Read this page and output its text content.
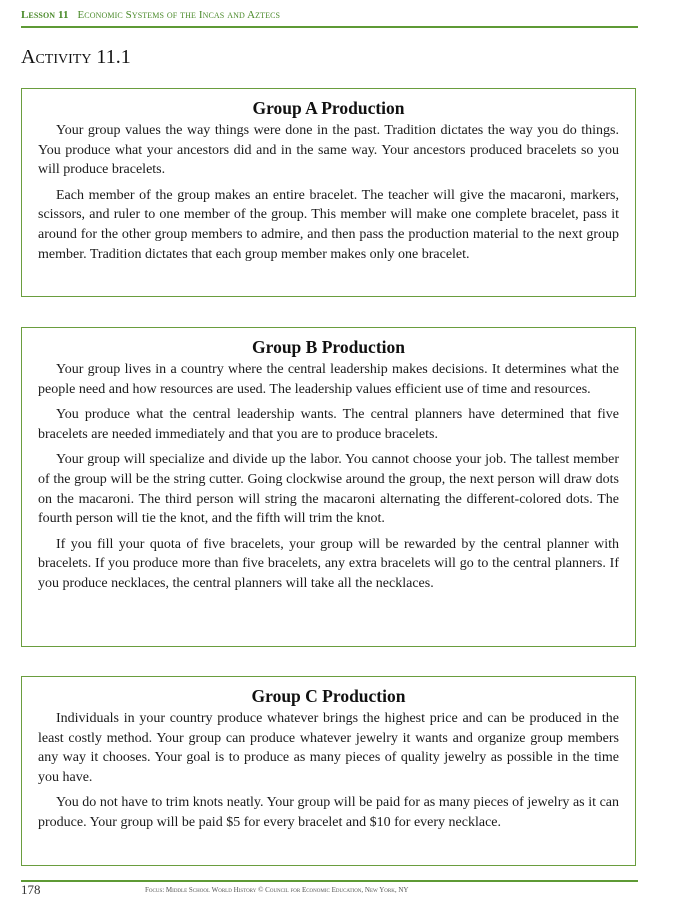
Lesson 11 Economic Systems of the Incas and Aztecs
Activity 11.1
Group A Production

Your group values the way things were done in the past. Tradition dictates the way you do things. You produce what your ancestors did and in the same way. Your ancestors produced bracelets so you will produce bracelets.

Each member of the group makes an entire bracelet. The teacher will give the macaroni, markers, scissors, and ruler to one member of the group. This member will make one complete bracelet, pass it around for the other group members to admire, and then pass the production material to the next group member. Tradition dictates that each group member makes only one bracelet.

Group B Production

Your group lives in a country where the central leadership makes decisions. It determines what the people need and how resources are used. The leadership values efficient use of time and resources.

You produce what the central leadership wants. The central planners have determined that five bracelets are needed immediately and that you are to produce bracelets.

Your group will specialize and divide up the labor. You cannot choose your job. The tallest member of the group will be the string cutter. Going clockwise around the group, the next person will draw dots on the macaroni. The third person will string the macaroni alternating the different-colored dots. The fourth person will tie the knot, and the fifth will trim the knot.

If you fill your quota of five bracelets, your group will be rewarded by the central planner with bracelets. If you produce more than five bracelets, any extra bracelets will go to the central planners. If you produce necklaces, the central planners will take all the necklaces.

Group C Production

Individuals in your country produce whatever brings the highest price and can be produced in the least costly method. Your group can produce whatever jewelry it wants and organize group members any way it chooses. Your goal is to produce as many pieces of quality jewelry as possible in the time you have.

You do not have to trim knots neatly. Your group will be paid for as many pieces of jewelry as it can produce. Your group will be paid $5 for every bracelet and $10 for every necklace.

178	Focus: Middle School World History © Council for Economic Education, New York, NY
